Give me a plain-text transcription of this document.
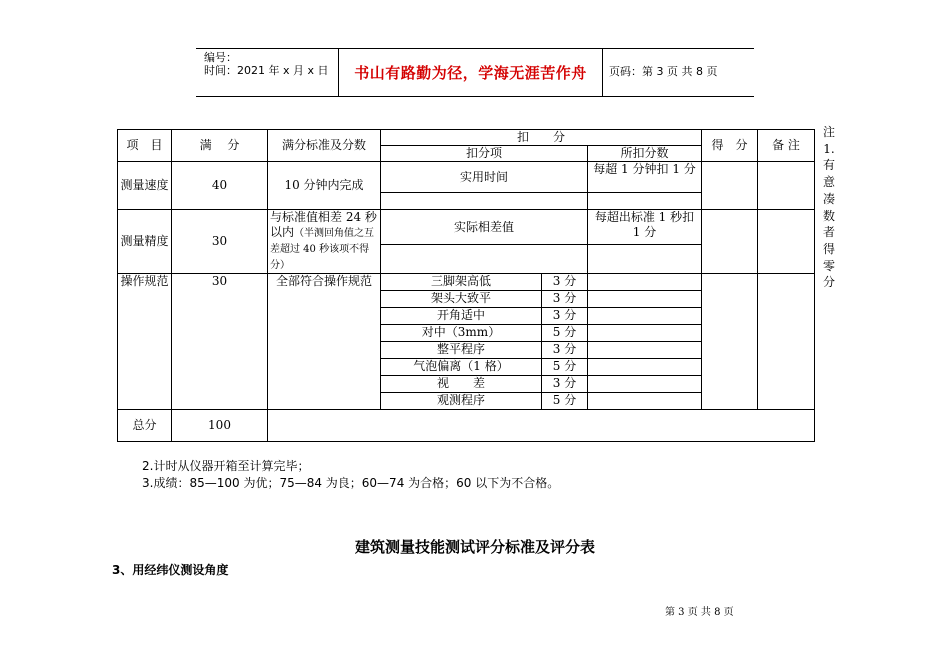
编号：
时间：2021 年 x 月 x 日	书山有路勤为径，学海无涯苦作舟	页码：第 3 页 共 8 页
项　目	满　 分	满分标准及分数	扣　　分			得　分	备 注
			扣分项		所扣分数		
测量速度	40	10 分钟内完成	实用时间		每超 1 分钟扣 1 分		

测量精度	30	与标准值相差 24 秒以内（半测回角值之互差超过 40 秒该项不得分）	实际相差值		每超出标准 1 秒扣 1 分		

操作规范	30	全部符合操作规范	三脚架高低	3 分			
			架头大致平	3 分			
			开角适中	3 分			
			对中（3mm）	5 分			
			整平程序	3 分			
			气泡偏离（1 格）	5 分			
			视　　差	3 分			
			观测程序	5 分			
总分	100						
注 1.有意凑数者得零分
2.计时从仪器开箱至计算完毕；
3.成绩：85—100 为优；75—84 为良；60—74 为合格；60 以下为不合格。
建筑测量技能测试评分标准及评分表
3、用经纬仪测设角度
第 3 页 共 8 页
